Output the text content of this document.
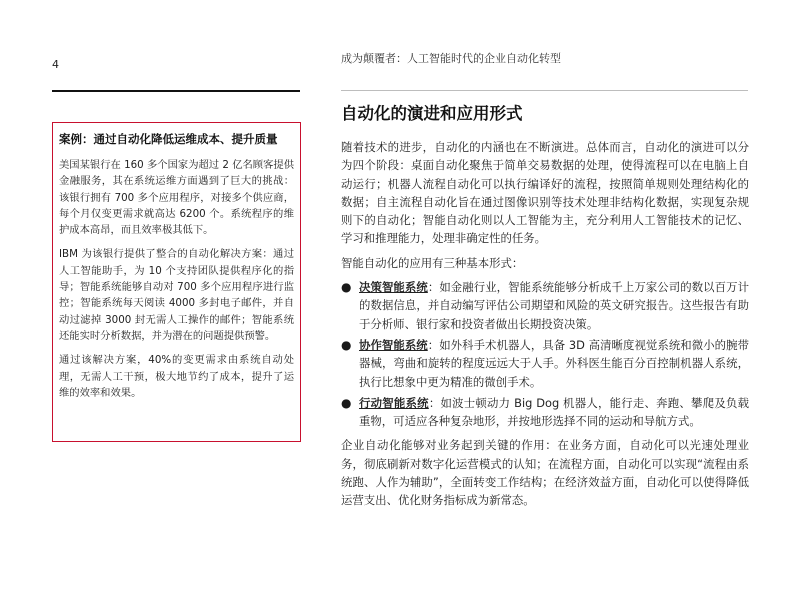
4	成为颠覆者：人工智能时代的企业自动化转型
案例：通过自动化降低运维成本、提升质量

美国某银行在 160 多个国家为超过 2 亿名顾客提供金融服务，其在系统运维方面遇到了巨大的挑战：该银行拥有 700 多个应用程序，对接多个供应商，每个月仅变更需求就高达 6200 个。系统程序的维护成本高昂，而且效率极其低下。

IBM 为该银行提供了整合的自动化解决方案：通过人工智能助手，为 10 个支持团队提供程序化的指导；智能系统能够自动对 700 多个应用程序进行监控；智能系统每天阅读 4000 多封电子邮件，并自动过滤掉 3000 封无需人工操作的邮件；智能系统还能实时分析数据，并为潜在的问题提供预警。

通过该解决方案，40%的变更需求由系统自动处理，无需人工干预，极大地节约了成本，提升了运维的效率和效果。

自动化的演进和应用形式

随着技术的进步，自动化的内涵也在不断演进。总体而言，自动化的演进可以分为四个阶段：桌面自动化聚焦于简单交易数据的处理，使得流程可以在电脑上自动运行；机器人流程自动化可以执行编译好的流程，按照简单规则处理结构化的数据；自主流程自动化旨在通过图像识别等技术处理非结构化数据，实现复杂规则下的自动化；智能自动化则以人工智能为主，充分利用人工智能技术的记忆、学习和推理能力，处理非确定性的任务。

智能自动化的应用有三种基本形式：

● 决策智能系统：如金融行业，智能系统能够分析成千上万家公司的数以百万计的数据信息，并自动编写评估公司期望和风险的英文研究报告。这些报告有助于分析师、银行家和投资者做出长期投资决策。
● 协作智能系统：如外科手术机器人，具备 3D 高清晰度视觉系统和微小的腕带器械，弯曲和旋转的程度远远大于人手。外科医生能百分百控制机器人系统，执行比想象中更为精准的微创手术。
● 行动智能系统：如波士顿动力 Big Dog 机器人，能行走、奔跑、攀爬及负载重物，可适应各种复杂地形，并按地形选择不同的运动和导航方式。

企业自动化能够对业务起到关键的作用：在业务方面，自动化可以光速处理业务，彻底刷新对数字化运营模式的认知；在流程方面，自动化可以实现“流程由系统跑、人作为辅助”，全面转变工作结构；在经济效益方面，自动化可以使得降低运营支出、优化财务指标成为新常态。
